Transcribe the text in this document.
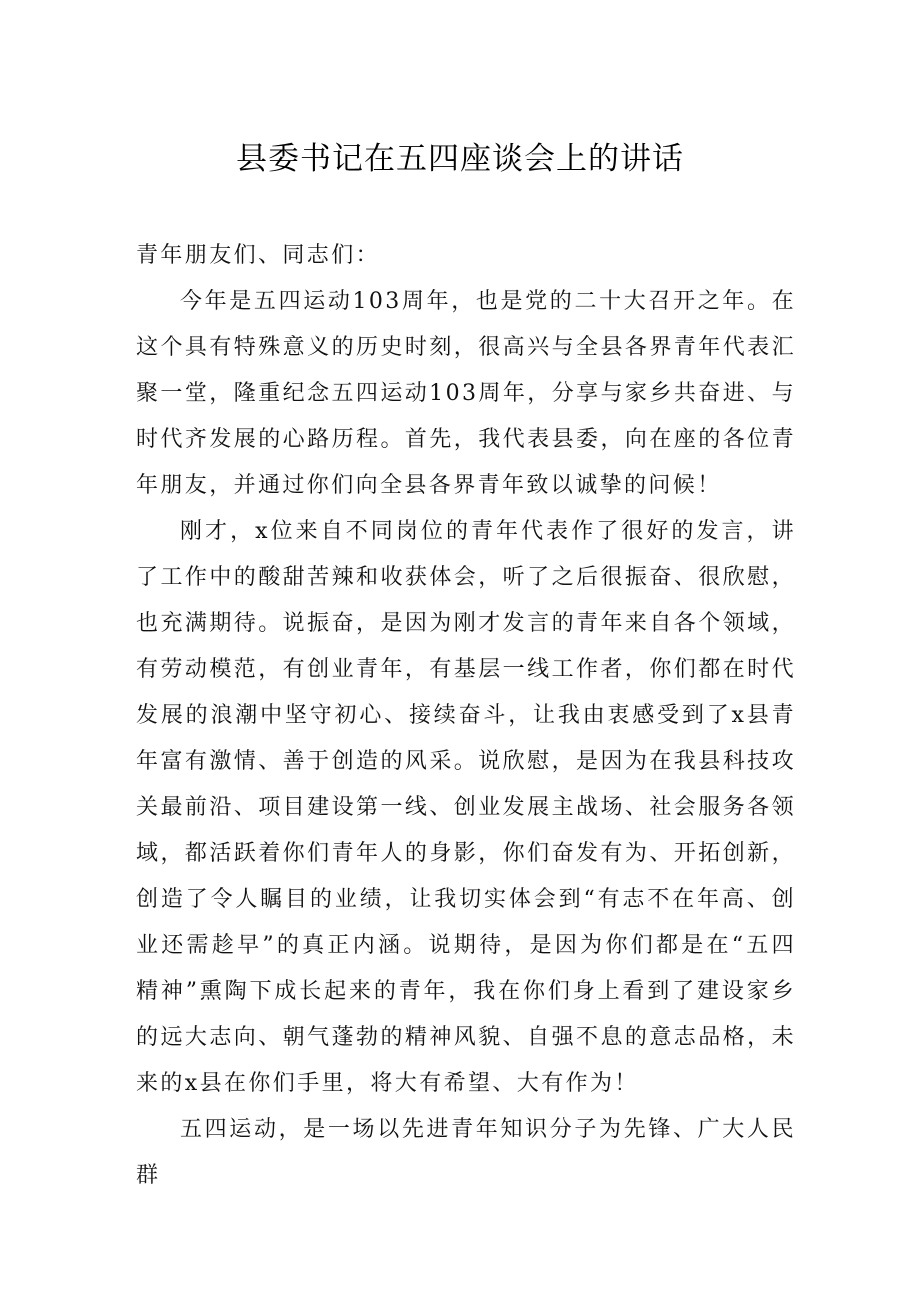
县委书记在五四座谈会上的讲话

青年朋友们、同志们：

今年是五四运动103周年，也是党的二十大召开之年。在这个具有特殊意义的历史时刻，很高兴与全县各界青年代表汇聚一堂，隆重纪念五四运动103周年，分享与家乡共奋进、与时代齐发展的心路历程。首先，我代表县委，向在座的各位青年朋友，并通过你们向全县各界青年致以诚挚的问候！

刚才，x位来自不同岗位的青年代表作了很好的发言，讲了工作中的酸甜苦辣和收获体会，听了之后很振奋、很欣慰，也充满期待。说振奋，是因为刚才发言的青年来自各个领域，有劳动模范，有创业青年，有基层一线工作者，你们都在时代发展的浪潮中坚守初心、接续奋斗，让我由衷感受到了x县青年富有激情、善于创造的风采。说欣慰，是因为在我县科技攻关最前沿、项目建设第一线、创业发展主战场、社会服务各领域，都活跃着你们青年人的身影，你们奋发有为、开拓创新，创造了令人瞩目的业绩，让我切实体会到“有志不在年高、创业还需趁早”的真正内涵。说期待，是因为你们都是在“五四精神”熏陶下成长起来的青年，我在你们身上看到了建设家乡的远大志向、朝气蓬勃的精神风貌、自强不息的意志品格，未来的x县在你们手里，将大有希望、大有作为！

五四运动，是一场以先进青年知识分子为先锋、广大人民群
